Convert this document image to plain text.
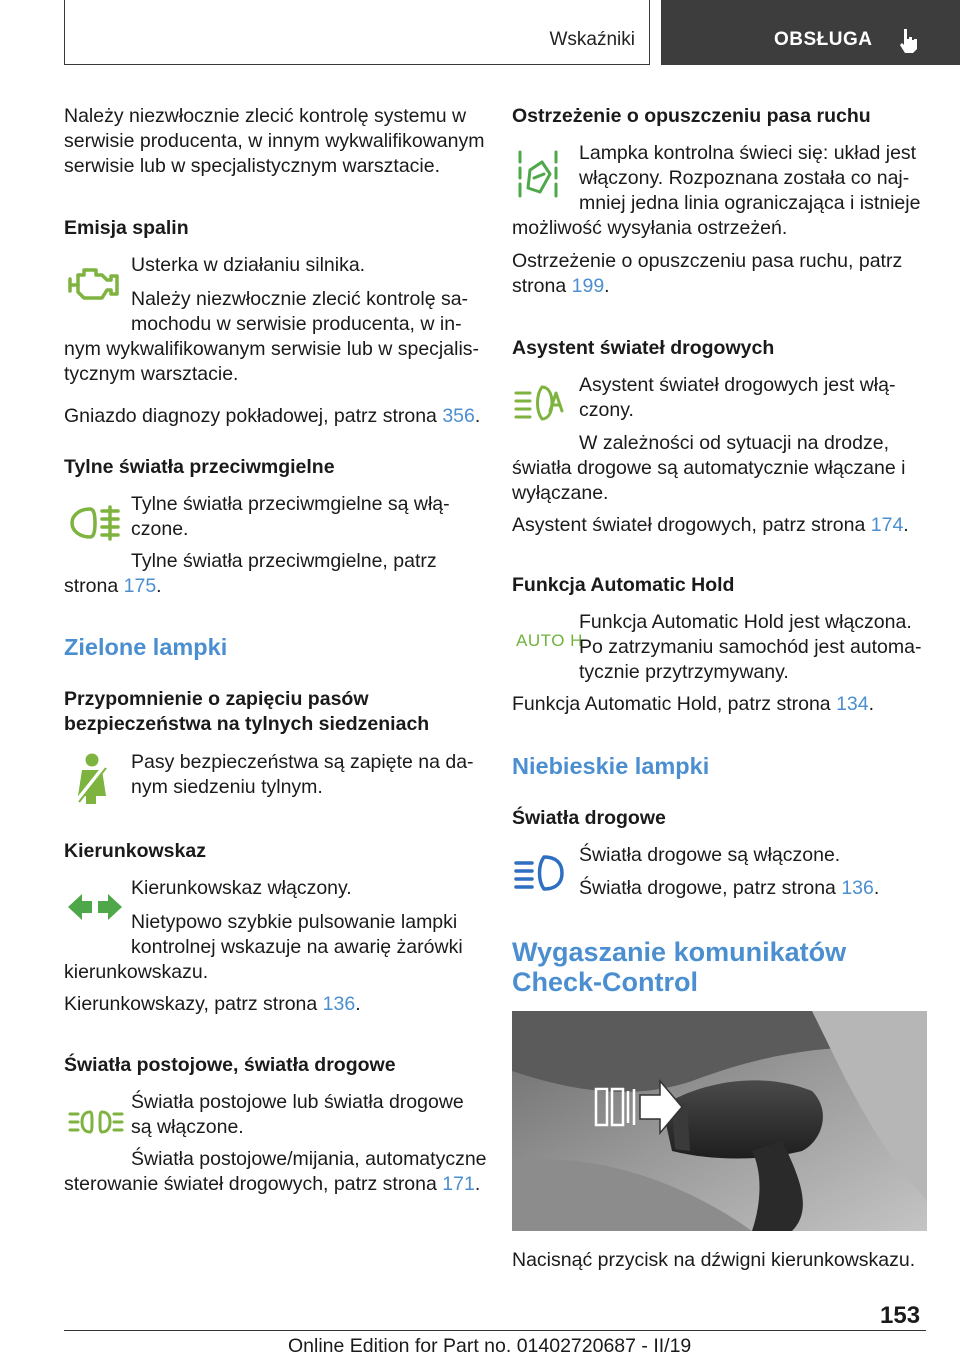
Wskaźniki	OBSŁUGA
Należy niezwłocznie zlecić kontrolę systemu w
serwisie producenta, w innym wykwalifikowanym
serwisie lub w specjalistycznym warsztacie.
Emisja spalin
Usterka w działaniu silnika.
Należy niezwłocznie zlecić kontrolę sa-
mochodu w serwisie producenta, w in-
nym wykwalifikowanym serwisie lub w specjalis-
tycznym warsztacie.
Gniazdo diagnozy pokładowej, patrz strona 356.
Tylne światła przeciwmgielne
Tylne światła przeciwmgielne są włą-
czone.
Tylne światła przeciwmgielne, patrz
strona 175.
Zielone lampki
Przypomnienie o zapięciu pasów
bezpieczeństwa na tylnych siedzeniach
Pasy bezpieczeństwa są zapięte na da-
nym siedzeniu tylnym.
Kierunkowskaz
Kierunkowskaz włączony.
Nietypowo szybkie pulsowanie lampki
kontrolnej wskazuje na awarię żarówki
kierunkowskazu.
Kierunkowskazy, patrz strona 136.
Światła postojowe, światła drogowe
Światła postojowe lub światła drogowe
są włączone.
Światła postojowe/mijania, automatyczne
sterowanie świateł drogowych, patrz strona 171.
Ostrzeżenie o opuszczeniu pasa ruchu
Lampka kontrolna świeci się: układ jest
włączony. Rozpoznana została co naj-
mniej jedna linia ograniczająca i istnieje
możliwość wysyłania ostrzeżeń.
Ostrzeżenie o opuszczeniu pasa ruchu, patrz
strona 199.
Asystent świateł drogowych
Asystent świateł drogowych jest włą-
czony.
W zależności od sytuacji na drodze,
światła drogowe są automatycznie włączane i
wyłączane.
Asystent świateł drogowych, patrz strona 174.
Funkcja Automatic Hold
AUTO H
Funkcja Automatic Hold jest włączona.
Po zatrzymaniu samochód jest automa-
tycznie przytrzymywany.
Funkcja Automatic Hold, patrz strona 134.
Niebieskie lampki
Światła drogowe
Światła drogowe są włączone.
Światła drogowe, patrz strona 136.
Wygaszanie komunikatów
Check-Control
Nacisnąć przycisk na dźwigni kierunkowskazu.
153
Online Edition for Part no. 01402720687 - II/19
